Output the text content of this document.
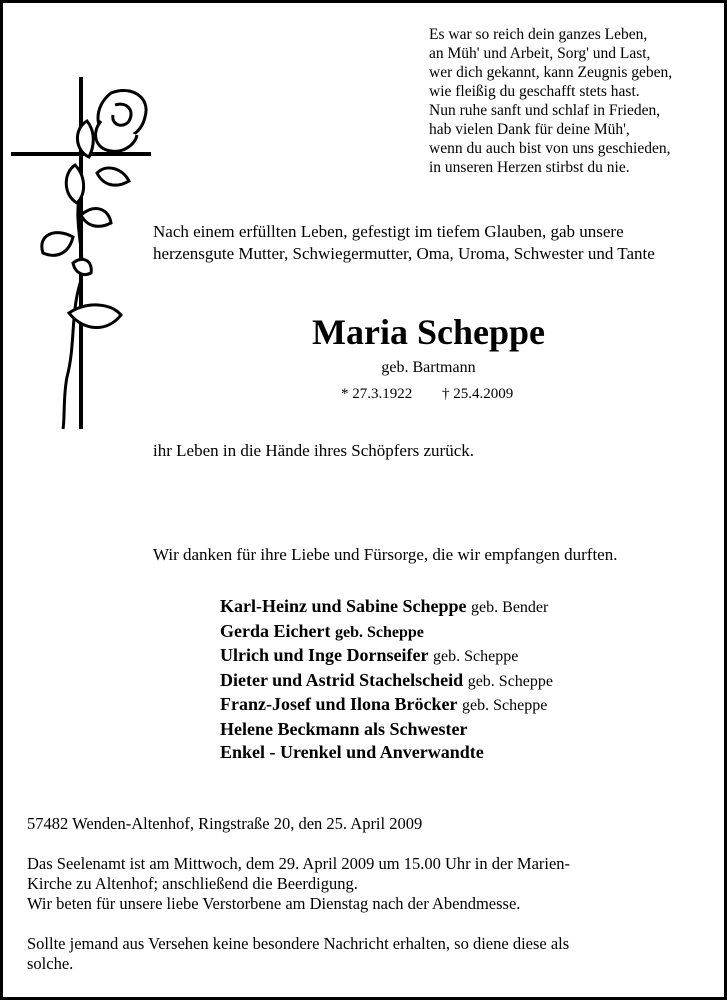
Es war so reich dein ganzes Leben,
an Müh' und Arbeit, Sorg' und Last,
wer dich gekannt, kann Zeugnis geben,
wie fleißig du geschafft stets hast.
Nun ruhe sanft und schlaf in Frieden,
hab vielen Dank für deine Müh',
wenn du auch bist von uns geschieden,
in unseren Herzen stirbst du nie.
Nach einem erfüllten Leben, gefestigt im tiefem Glauben, gab unsere herzensgute Mutter, Schwiegermutter, Oma, Uroma, Schwester und Tante
Maria Scheppe
geb. Bartmann
* 27.3.1922 † 25.4.2009
ihr Leben in die Hände ihres Schöpfers zurück.
Wir danken für ihre Liebe und Fürsorge, die wir empfangen durften.
Karl-Heinz und Sabine Scheppe geb. Bender
Gerda Eichert geb. Scheppe
Ulrich und Inge Dornseifer geb. Scheppe
Dieter und Astrid Stachelscheid geb. Scheppe
Franz-Josef und Ilona Bröcker geb. Scheppe
Helene Beckmann als Schwester
Enkel - Urenkel und Anverwandte
57482 Wenden-Altenhof, Ringstraße 20, den 25. April 2009
Das Seelenamt ist am Mittwoch, dem 29. April 2009 um 15.00 Uhr in der Marien-
Kirche zu Altenhof; anschließend die Beerdigung.
Wir beten für unsere liebe Verstorbene am Dienstag nach der Abendmesse.
Sollte jemand aus Versehen keine besondere Nachricht erhalten, so diene diese als
solche.
